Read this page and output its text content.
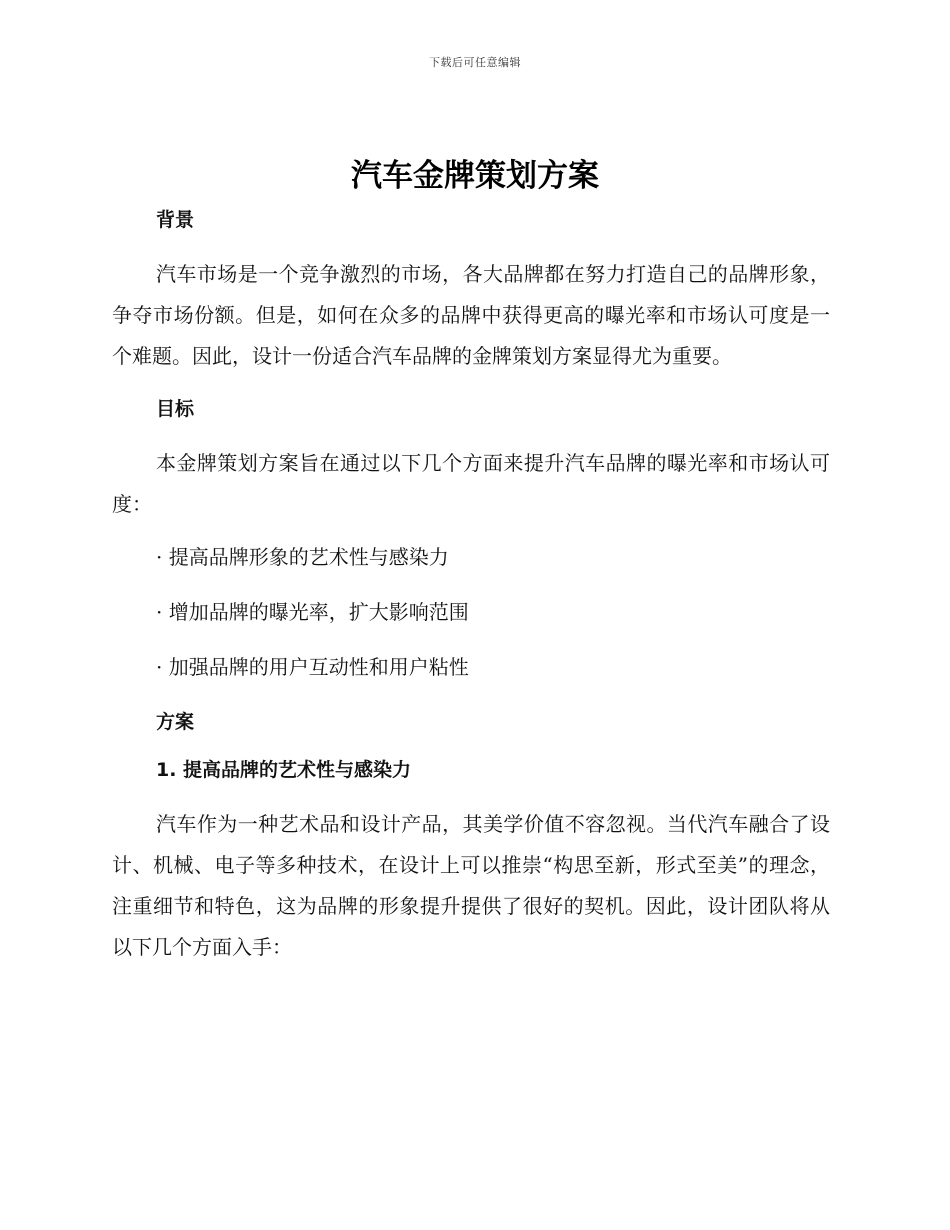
下载后可任意编辑
汽车金牌策划方案
背景

汽车市场是一个竞争激烈的市场，各大品牌都在努力打造自己的品牌形象，争夺市场份额。但是，如何在众多的品牌中获得更高的曝光率和市场认可度是一个难题。因此，设计一份适合汽车品牌的金牌策划方案显得尤为重要。

目标

本金牌策划方案旨在通过以下几个方面来提升汽车品牌的曝光率和市场认可度：

· 提高品牌形象的艺术性与感染力
· 增加品牌的曝光率，扩大影响范围
· 加强品牌的用户互动性和用户粘性
方案
1. 提高品牌的艺术性与感染力

汽车作为一种艺术品和设计产品，其美学价值不容忽视。当代汽车融合了设计、机械、电子等多种技术，在设计上可以推崇“构思至新，形式至美”的理念，注重细节和特色，这为品牌的形象提升提供了很好的契机。因此，设计团队将从以下几个方面入手：
